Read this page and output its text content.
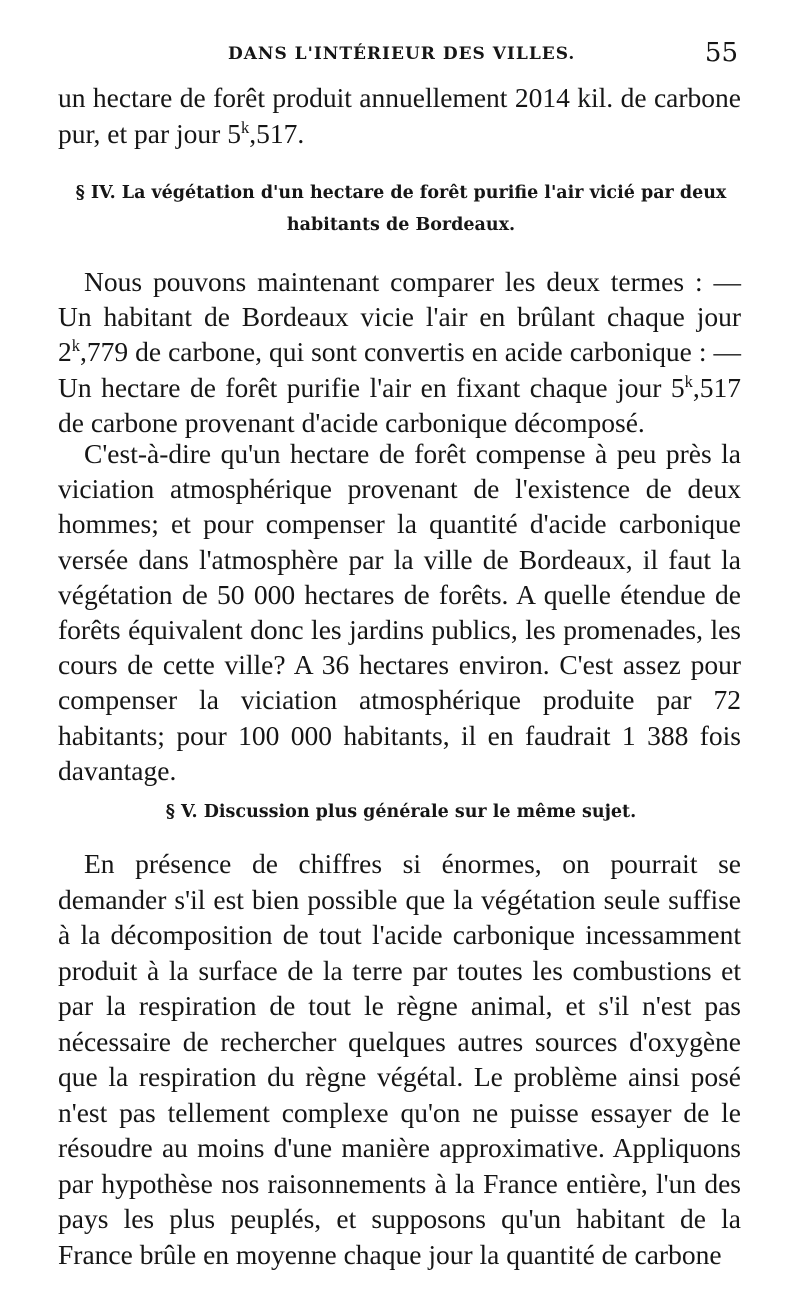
DANS L'INTÉRIEUR DES VILLES.	55

un hectare de forêt produit annuellement 2014 kil. de carbone pur, et par jour 5$^k$,517.

§ IV. La végétation d'un hectare de forêt purifie l'air vicié par deux habitants de Bordeaux.

Nous pouvons maintenant comparer les deux termes : — Un habitant de Bordeaux vicie l'air en brûlant chaque jour 2$^k$,779 de carbone, qui sont convertis en acide carbonique : — Un hectare de forêt purifie l'air en fixant chaque jour 5$^k$,517 de carbone provenant d'acide carbonique décomposé.

C'est-à-dire qu'un hectare de forêt compense à peu près la viciation atmosphérique provenant de l'existence de deux hommes; et pour compenser la quantité d'acide carbonique versée dans l'atmosphère par la ville de Bordeaux, il faut la végétation de 50 000 hectares de forêts. A quelle étendue de forêts équivalent donc les jardins publics, les promenades, les cours de cette ville? A 36 hectares environ. C'est assez pour compenser la viciation atmosphérique produite par 72 habitants; pour 100 000 habitants, il en faudrait 1 388 fois davantage.

§ V. Discussion plus générale sur le même sujet.

En présence de chiffres si énormes, on pourrait se demander s'il est bien possible que la végétation seule suffise à la décomposition de tout l'acide carbonique incessamment produit à la surface de la terre par toutes les combustions et par la respiration de tout le règne animal, et s'il n'est pas nécessaire de rechercher quelques autres sources d'oxygène que la respiration du règne végétal. Le problème ainsi posé n'est pas tellement complexe qu'on ne puisse essayer de le résoudre au moins d'une manière approximative. Appliquons par hypothèse nos raisonnements à la France entière, l'un des pays les plus peuplés, et supposons qu'un habitant de la France brûle en moyenne chaque jour la quantité de carbone
